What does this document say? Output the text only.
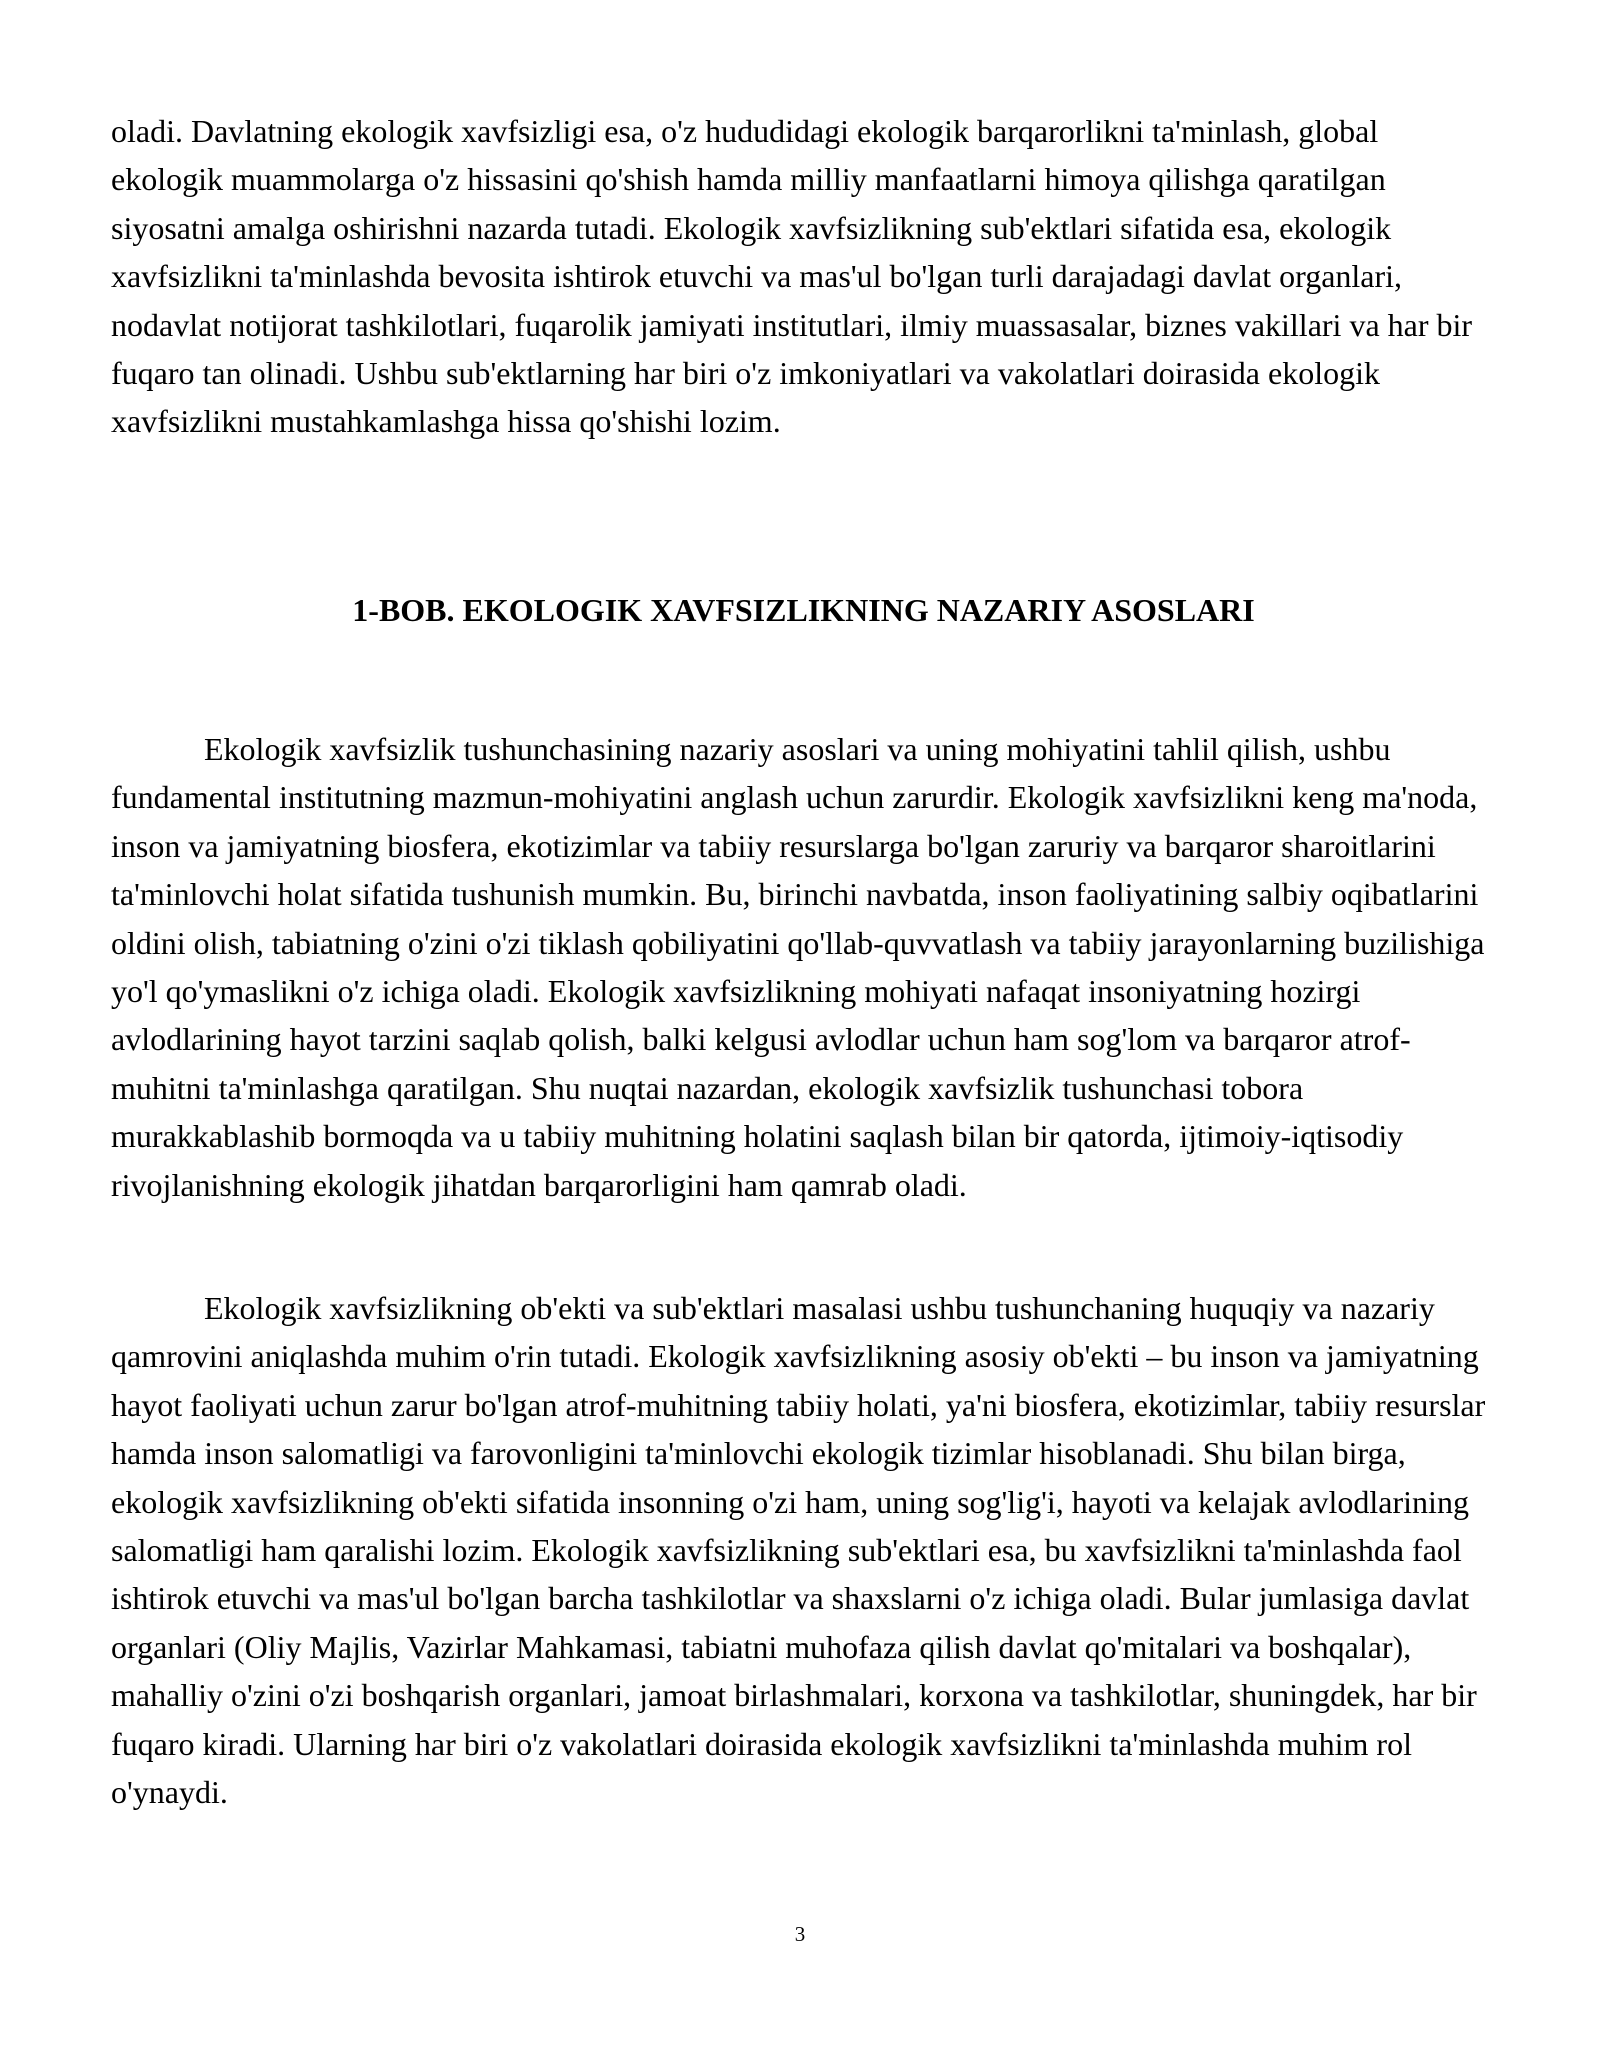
oladi. Davlatning ekologik xavfsizligi esa, o'z hududidagi ekologik barqarorlikni ta'minlash, global ekologik muammolarga o'z hissasini qo'shish hamda milliy manfaatlarni himoya qilishga qaratilgan siyosatni amalga oshirishni nazarda tutadi. Ekologik xavfsizlikning sub'ektlari sifatida esa, ekologik xavfsizlikni ta'minlashda bevosita ishtirok etuvchi va mas'ul bo'lgan turli darajadagi davlat organlari, nodavlat notijorat tashkilotlari, fuqarolik jamiyati institutlari, ilmiy muassasalar, biznes vakillari va har bir fuqaro tan olinadi. Ushbu sub'ektlarning har biri o'z imkoniyatlari va vakolatlari doirasida ekologik xavfsizlikni mustahkamlashga hissa qo'shishi lozim.

1-BOB. EKOLOGIK XAVFSIZLIKNING NAZARIY ASOSLARI

Ekologik xavfsizlik tushunchasining nazariy asoslari va uning mohiyatini tahlil qilish, ushbu fundamental institutning mazmun-mohiyatini anglash uchun zarurdir. Ekologik xavfsizlikni keng ma'noda, inson va jamiyatning biosfera, ekotizimlar va tabiiy resurslarga bo'lgan zaruriy va barqaror sharoitlarini ta'minlovchi holat sifatida tushunish mumkin. Bu, birinchi navbatda, inson faoliyatining salbiy oqibatlarini oldini olish, tabiatning o'zini o'zi tiklash qobiliyatini qo'llab-quvvatlash va tabiiy jarayonlarning buzilishiga yo'l qo'ymaslikni o'z ichiga oladi. Ekologik xavfsizlikning mohiyati nafaqat insoniyatning hozirgi avlodlarining hayot tarzini saqlab qolish, balki kelgusi avlodlar uchun ham sog'lom va barqaror atrof-muhitni ta'minlashga qaratilgan. Shu nuqtai nazardan, ekologik xavfsizlik tushunchasi tobora murakkablashib bormoqda va u tabiiy muhitning holatini saqlash bilan bir qatorda, ijtimoiy-iqtisodiy rivojlanishning ekologik jihatdan barqarorligini ham qamrab oladi.

Ekologik xavfsizlikning ob'ekti va sub'ektlari masalasi ushbu tushunchaning huquqiy va nazariy qamrovini aniqlashda muhim o'rin tutadi. Ekologik xavfsizlikning asosiy ob'ekti – bu inson va jamiyatning hayot faoliyati uchun zarur bo'lgan atrof-muhitning tabiiy holati, ya'ni biosfera, ekotizimlar, tabiiy resurslar hamda inson salomatligi va farovonligini ta'minlovchi ekologik tizimlar hisoblanadi. Shu bilan birga, ekologik xavfsizlikning ob'ekti sifatida insonning o'zi ham, uning sog'lig'i, hayoti va kelajak avlodlarining salomatligi ham qaralishi lozim. Ekologik xavfsizlikning sub'ektlari esa, bu xavfsizlikni ta'minlashda faol ishtirok etuvchi va mas'ul bo'lgan barcha tashkilotlar va shaxslarni o'z ichiga oladi. Bular jumlasiga davlat organlari (Oliy Majlis, Vazirlar Mahkamasi, tabiatni muhofaza qilish davlat qo'mitalari va boshqalar), mahalliy o'zini o'zi boshqarish organlari, jamoat birlashmalari, korxona va tashkilotlar, shuningdek, har bir fuqaro kiradi. Ularning har biri o'z vakolatlari doirasida ekologik xavfsizlikni ta'minlashda muhim rol o'ynaydi.

3
